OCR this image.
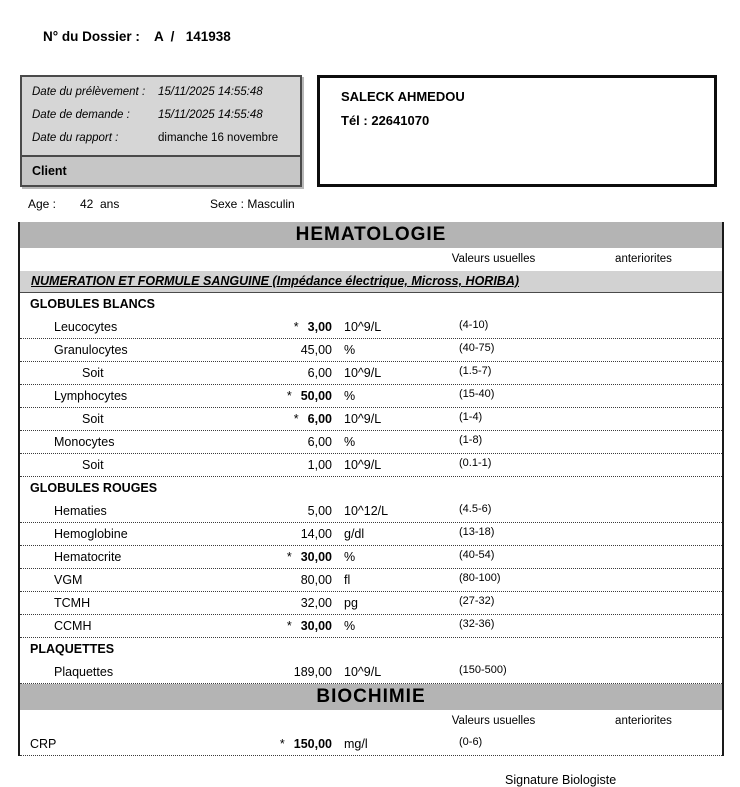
N° du Dossier : A  /   141938

Date du prélèvement :	15/11/2025 14:55:48
Date de demande :	15/11/2025 14:55:48
Date du rapport :	dimanche 16 novembre
Client
SALECK AHMEDOU
Tél : 22641070
Age : 42 ans	Sexe : Masculin
HEMATOLOGIE
Valeurs usuelles	anteriorites
NUMERATION ET FORMULE SANGUINE (Impédance électrique, Micross, HORIBA)
GLOBULES BLANCS
Leucocytes	* 3,00 10^9/L	(4-10)
Granulocytes	45,00 %	(40-75)
Soit	6,00 10^9/L	(1.5-7)
Lymphocytes	* 50,00 %	(15-40)
Soit	* 6,00 10^9/L	(1-4)
Monocytes	6,00 %	(1-8)
Soit	1,00 10^9/L	(0.1-1)
GLOBULES ROUGES
Hematies	5,00 10^12/L	(4.5-6)
Hemoglobine	14,00 g/dl	(13-18)
Hematocrite	* 30,00 %	(40-54)
VGM	80,00 fl	(80-100)
TCMH	32,00 pg	(27-32)
CCMH	* 30,00 %	(32-36)
PLAQUETTES
Plaquettes	189,00 10^9/L	(150-500)
BIOCHIMIE
Valeurs usuelles	anteriorites
CRP	* 150,00 mg/l	(0-6)
Signature Biologiste
